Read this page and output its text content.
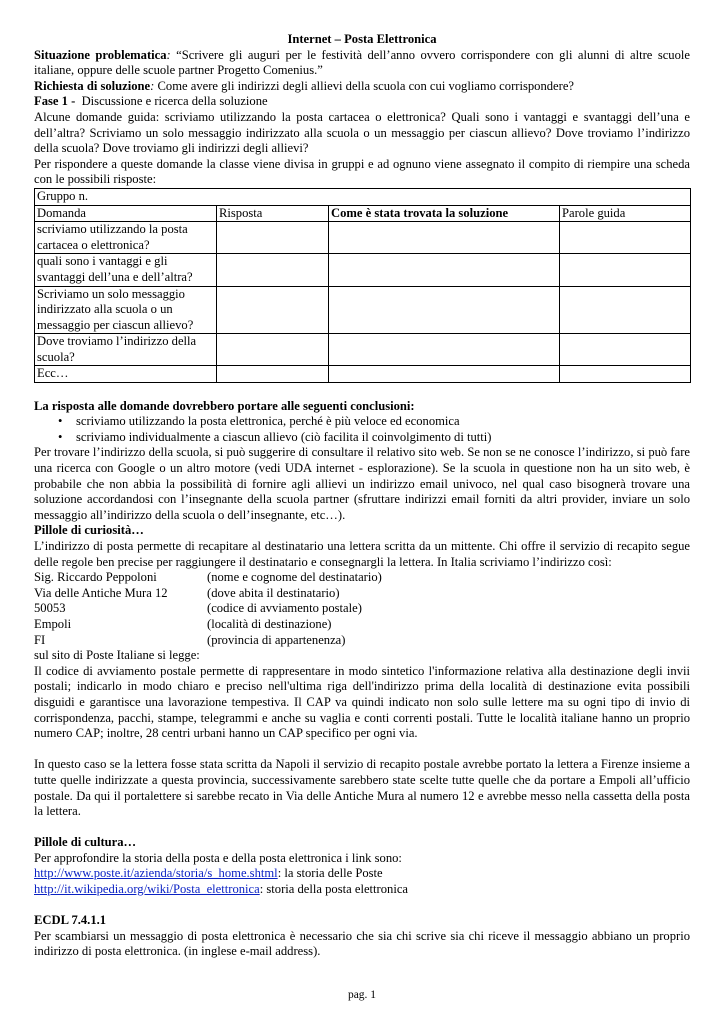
Internet – Posta Elettronica
Situazione problematica: “Scrivere gli auguri per le festività dell’anno ovvero corrispondere con gli alunni di altre scuole italiane, oppure delle scuole partner Progetto Comenius.”
Richiesta di soluzione: Come avere gli indirizzi degli allievi della scuola con cui vogliamo corrispondere?
Fase 1 -  Discussione e ricerca della soluzione
Alcune domande guida: scriviamo utilizzando la posta cartacea o elettronica? Quali sono i vantaggi e svantaggi dell’una e dell’altra? Scriviamo un solo messaggio indirizzato alla scuola o un messaggio per ciascun allievo? Dove troviamo l’indirizzo della scuola? Dove troviamo gli indirizzi degli allievi?
Per rispondere a queste domande la classe viene divisa in gruppi e ad ognuno viene assegnato il compito di riempire una scheda con le possibili risposte:
Gruppo n.			
Domanda	Risposta	Come è stata trovata la soluzione	Parole guida
scriviamo utilizzando la posta cartacea o elettronica?			
quali sono i vantaggi e gli svantaggi dell’una e dell’altra?			
Scriviamo un solo messaggio indirizzato alla scuola o un messaggio per ciascun allievo?			
Dove troviamo l’indirizzo della scuola?			
Ecc…			
La risposta alle domande dovrebbero portare alle seguenti conclusioni:
• scriviamo utilizzando la posta elettronica, perché è più veloce ed economica
• scriviamo individualmente a ciascun allievo (ciò facilita il coinvolgimento di tutti)
Per trovare l’indirizzo della scuola, si può suggerire di consultare il relativo sito web. Se non se ne conosce l’indirizzo, si può fare una ricerca con Google o un altro motore (vedi UDA internet - esplorazione). Se la scuola in questione non ha un sito web, è probabile che non abbia la possibilità di fornire agli allievi un indirizzo email univoco, nel qual caso bisognerà trovare una soluzione accordandosi con l’insegnante della scuola partner (sfruttare indirizzi email forniti da altri provider, inviare un solo messaggio all’indirizzo della scuola o dell’insegnante, etc…).
Pillole di curiosità…
L’indirizzo di posta permette di recapitare al destinatario una lettera scritta da un mittente. Chi offre il servizio di recapito segue delle regole ben precise per raggiungere il destinatario e consegnargli la lettera. In Italia scriviamo l’indirizzo così:
Sig. Riccardo Peppoloni	(nome e cognome del destinatario)
Via delle Antiche Mura 12	(dove abita il destinatario)
50053	(codice di avviamento postale)
Empoli	(località di destinazione)
FI	(provincia di appartenenza)
sul sito di Poste Italiane si legge:
Il codice di avviamento postale permette di rappresentare in modo sintetico l'informazione relativa alla destinazione degli invii postali; indicarlo in modo chiaro e preciso nell'ultima riga dell'indirizzo prima della località di destinazione evita possibili disguidi e garantisce una lavorazione tempestiva. Il CAP va quindi indicato non solo sulle lettere ma su ogni tipo di invio di corrispondenza, pacchi, stampe, telegrammi e anche su vaglia e conti correnti postali. Tutte le località italiane hanno un proprio numero CAP; inoltre, 28 centri urbani hanno un CAP specifico per ogni via.
In questo caso se la lettera fosse stata scritta da Napoli il servizio di recapito postale avrebbe portato la lettera a Firenze insieme a tutte quelle indirizzate a questa provincia, successivamente sarebbero state scelte tutte quelle che da portare a Empoli all’ufficio postale. Da qui il portalettere si sarebbe recato in Via delle Antiche Mura al numero 12 e avrebbe messo nella cassetta della posta la lettera.
Pillole di cultura…
Per approfondire la storia della posta e della posta elettronica i link sono:
http://www.poste.it/azienda/storia/s_home.shtml: la storia delle Poste
http://it.wikipedia.org/wiki/Posta_elettronica: storia della posta elettronica
ECDL 7.4.1.1
Per scambiarsi un messaggio di posta elettronica è necessario che sia chi scrive sia chi riceve il messaggio abbiano un proprio indirizzo di posta elettronica. (in inglese e-mail address).
pag. 1
